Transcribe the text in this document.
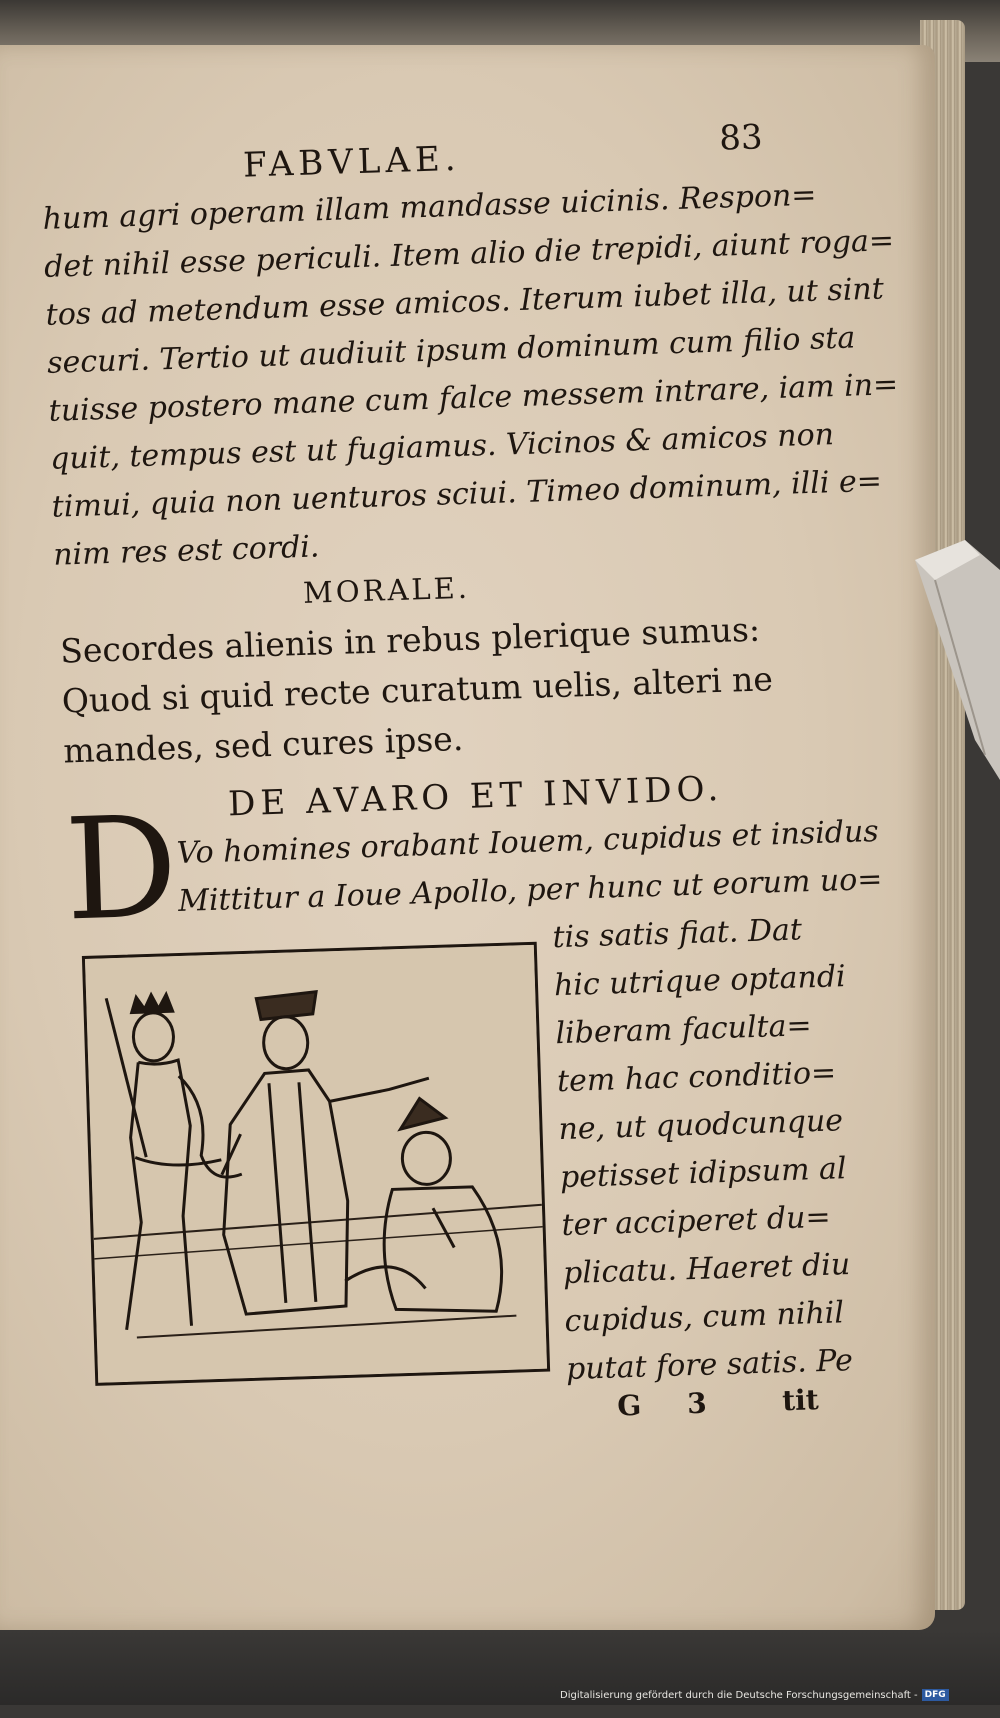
FABVLAE.
83
hum agri operam illam mandasse uicinis. Respon=
det nihil esse periculi. Item alio die trepidi, aiunt roga=
tos ad metendum esse amicos. Iterum iubet illa, ut sint
securi. Tertio ut audiuit ipsum dominum cum filio sta
tuisse postero mane cum falce messem intrare, iam in=
quit, tempus est ut fugiamus. Vicinos & amicos non
timui, quia non uenturos sciui. Timeo dominum, illi e=
nim res est cordi.
MORALE.
Secordes alienis in rebus plerique sumus:
Quod si quid recte curatum uelis, alteri ne
mandes, sed cures ipse.
DE AVARO ET INVIDO.
D
Vo homines orabant Iouem, cupidus et insidus
Mittitur a Ioue Apollo, per hunc ut eorum uo=
tis satis fiat. Dat
hic utrique optandi
liberam faculta=
tem hac conditio=
ne, ut quodcunque
petisset idipsum al
ter acciperet du=
plicatu. Haeret diu
cupidus, cum nihil
putat fore satis. Pe
G 3	tit
Digitalisierung gefördert durch die Deutsche Forschungsgemeinschaft - DFG
